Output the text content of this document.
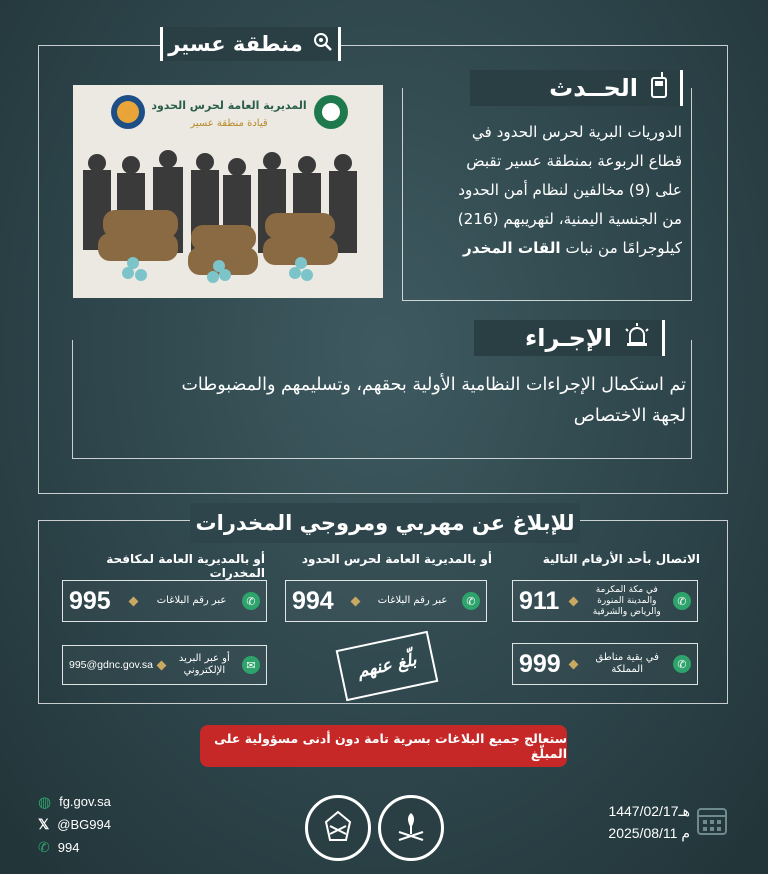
منطقة عسير
المديرية العامة لحرس الحدود
قيادة منطقة عسير
الحــدث
الدوريات البرية لحرس الحدود في
قطاع الربوعة بمنطقة عسير تقبض
على (9) مخالفين لنظام أمن الحدود
من الجنسية اليمنية، لتهريبهم (216)
كيلوجرامًا من نبات القات المخدر
الإجـراء
تم استكمال الإجراءات النظامية الأولية بحقهم، وتسليمهم والمضبوطات
لجهة الاختصاص
للإبلاغ عن مهربي ومروجي المخدرات
الاتصال بأحد الأرقام التالية
أو بالمديرية العامة لحرس الحدود
أو بالمديرية العامة لمكافحة المخدرات
911	في مكة المكرمة والمدينة المنورة والرياض والشرقية
✆
999	في بقية مناطق المملكة	✆
994	عبر رقم البلاغات	✆
995	عبر رقم البلاغات	✆
995@gdnc.gov.sa
أو عبر البريد الإلكتروني	✉	بلّغ عنهم
ستعالج جميع البلاغات بسرية تامة دون أدنى مسؤولية على المبلّغ
◍ fg.gov.sa
𝕏 @BG994
✆ 994
1447/02/17هـ
2025/08/11 م
